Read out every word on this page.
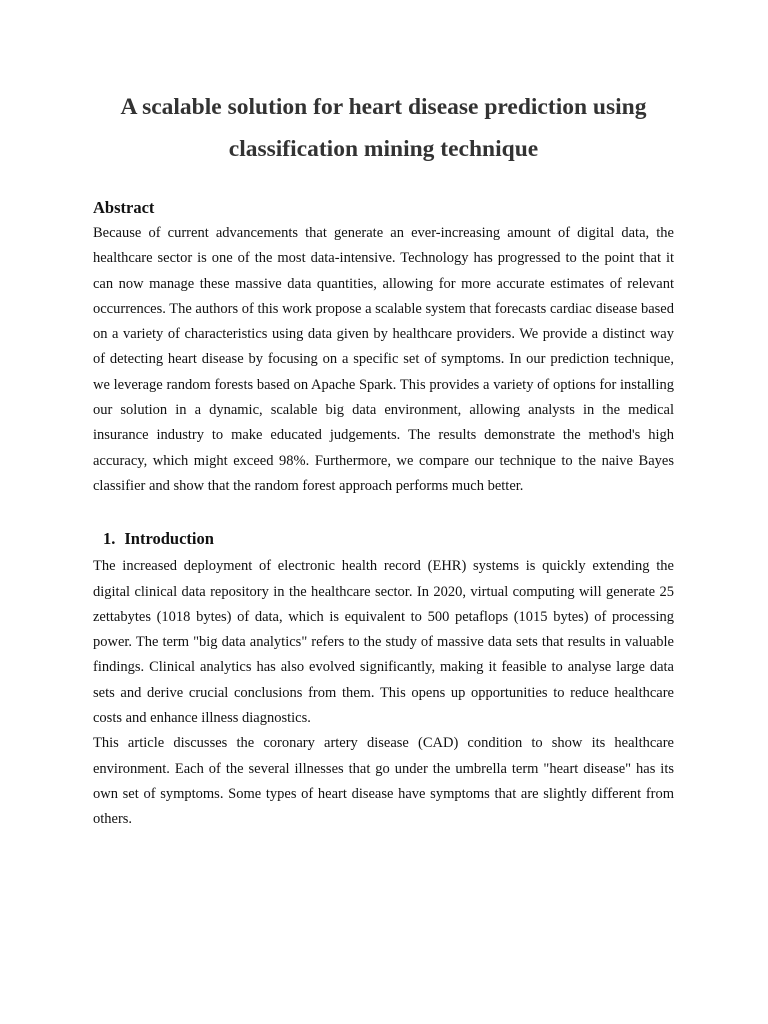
A scalable solution for heart disease prediction using
classification mining technique
Abstract

Because of current advancements that generate an ever-increasing amount of digital data, the healthcare sector is one of the most data-intensive. Technology has progressed to the point that it can now manage these massive data quantities, allowing for more accurate estimates of relevant occurrences. The authors of this work propose a scalable system that forecasts cardiac disease based on a variety of characteristics using data given by healthcare providers. We provide a distinct way of detecting heart disease by focusing on a specific set of symptoms. In our prediction technique, we leverage random forests based on Apache Spark. This provides a variety of options for installing our solution in a dynamic, scalable big data environment, allowing analysts in the medical insurance industry to make educated judgements. The results demonstrate the method's high accuracy, which might exceed 98%. Furthermore, we compare our technique to the naive Bayes classifier and show that the random forest approach performs much better.

1. Introduction

The increased deployment of electronic health record (EHR) systems is quickly extending the digital clinical data repository in the healthcare sector. In 2020, virtual computing will generate 25 zettabytes (1018 bytes) of data, which is equivalent to 500 petaflops (1015 bytes) of processing power. The term "big data analytics" refers to the study of massive data sets that results in valuable findings. Clinical analytics has also evolved significantly, making it feasible to analyse large data sets and derive crucial conclusions from them. This opens up opportunities to reduce healthcare costs and enhance illness diagnostics.

This article discusses the coronary artery disease (CAD) condition to show its healthcare environment. Each of the several illnesses that go under the umbrella term "heart disease" has its own set of symptoms. Some types of heart disease have symptoms that are slightly different from others.
